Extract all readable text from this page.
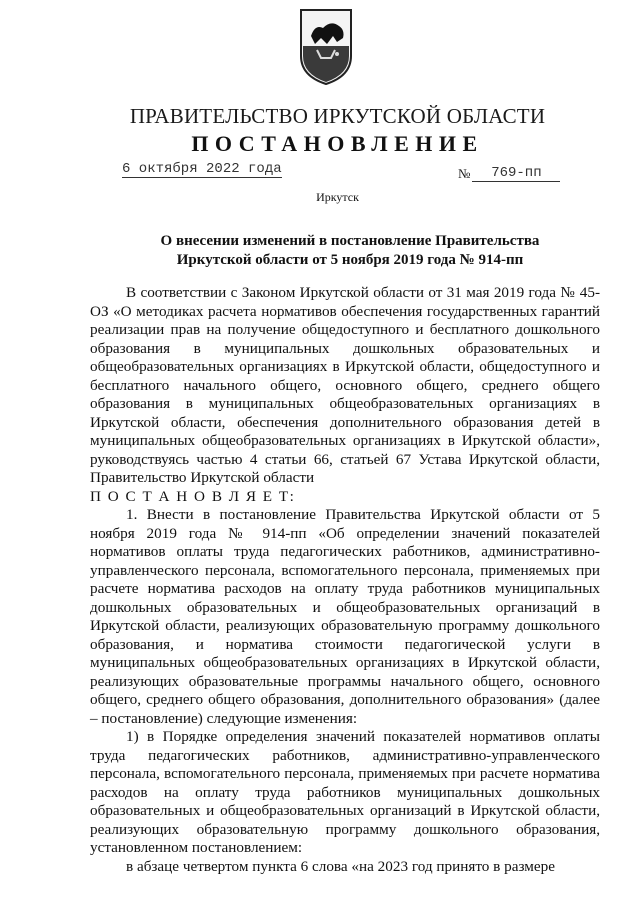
ПРАВИТЕЛЬСТВО ИРКУТСКОЙ ОБЛАСТИ
ПОСТАНОВЛЕНИЕ
6 октября 2022 года	№ 769-пп
Иркутск
О внесении изменений в постановление Правительства
Иркутской области от 5 ноября 2019 года № 914-пп

В соответствии с Законом Иркутской области от 31 мая 2019 года № 45-ОЗ «О методиках расчета нормативов обеспечения государственных гарантий реализации прав на получение общедоступного и бесплатного дошкольного образования в муниципальных дошкольных образовательных и общеобразовательных организациях в Иркутской области, общедоступного и бесплатного начального общего, основного общего, среднего общего образования в муниципальных общеобразовательных организациях в Иркутской области, обеспечения дополнительного образования детей в муниципальных общеобразовательных организациях в Иркутской области», руководствуясь частью 4 статьи 66, статьей 67 Устава Иркутской области, Правительство Иркутской области

П О С Т А Н О В Л Я Е Т:

1. Внести в постановление Правительства Иркутской области от 5 ноября 2019 года № 914-пп «Об определении значений показателей нормативов оплаты труда педагогических работников, административно-управленческого персонала, вспомогательного персонала, применяемых при расчете норматива расходов на оплату труда работников муниципальных дошкольных образовательных и общеобразовательных организаций в Иркутской области, реализующих образовательную программу дошкольного образования, и норматива стоимости педагогической услуги в муниципальных общеобразовательных организациях в Иркутской области, реализующих образовательные программы начального общего, основного общего, среднего общего образования, дополнительного образования» (далее – постановление) следующие изменения:

1) в Порядке определения значений показателей нормативов оплаты труда педагогических работников, административно-управленческого персонала, вспомогательного персонала, применяемых при расчете норматива расходов на оплату труда работников муниципальных дошкольных образовательных и общеобразовательных организаций в Иркутской области, реализующих образовательную программу дошкольного образования, установленном постановлением:

в абзаце четвертом пункта 6 слова «на 2023 год принято в размере
